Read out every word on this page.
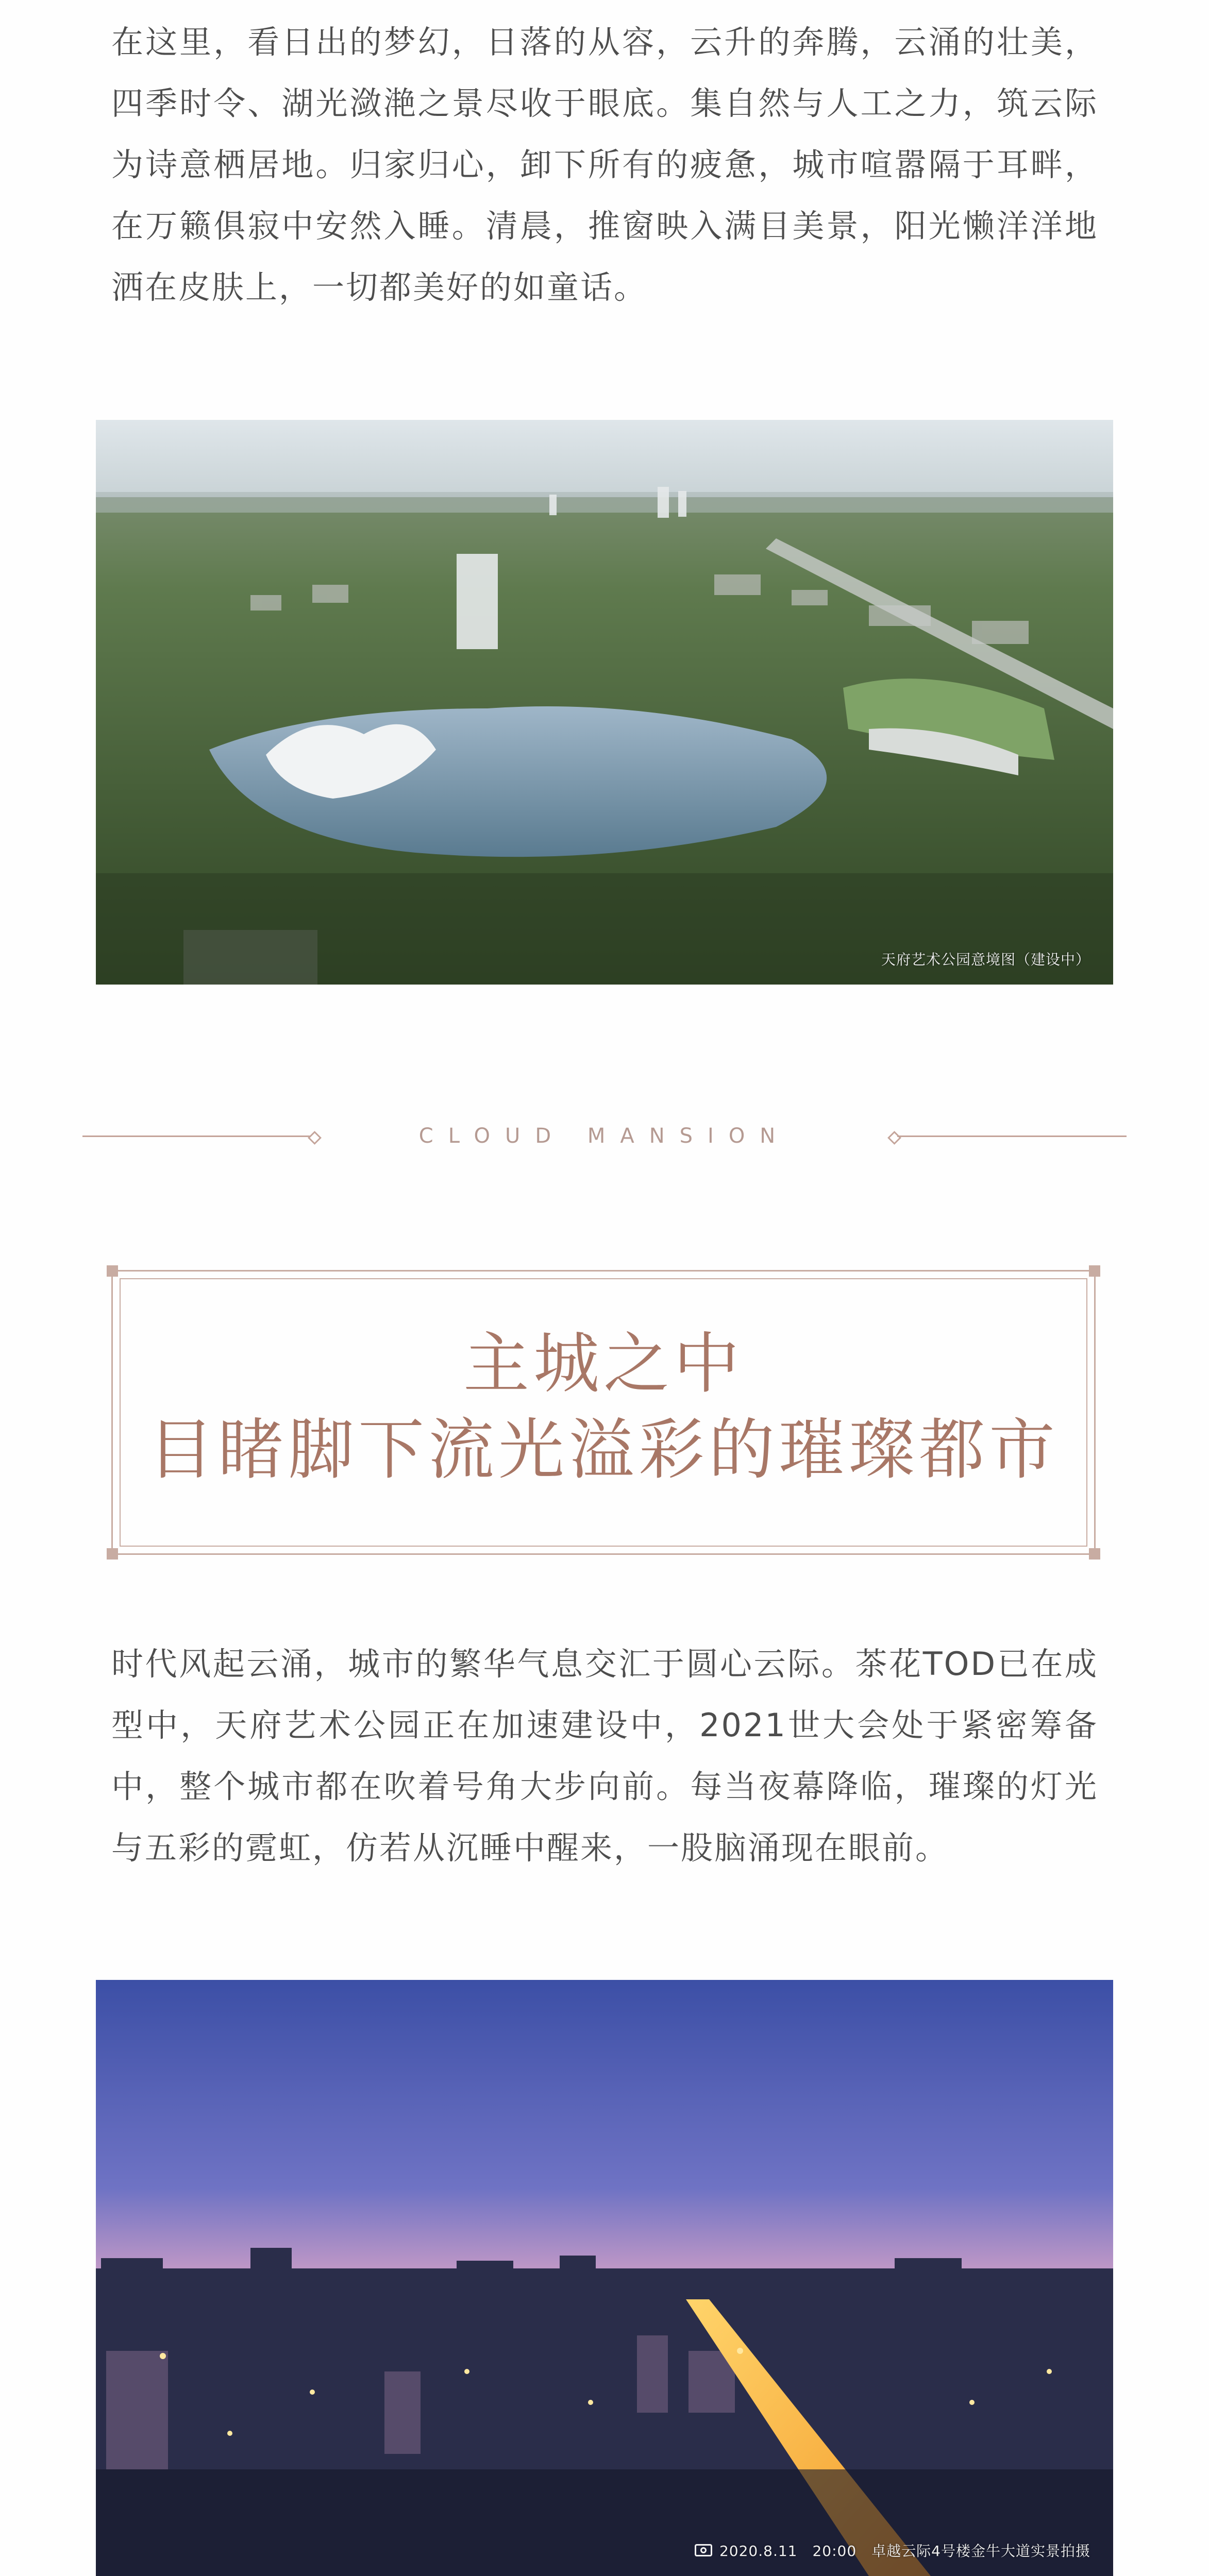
在这里，看日出的梦幻，日落的从容，云升的奔腾，云涌的壮美，四季时令、湖光潋滟之景尽收于眼底。集自然与人工之力，筑云际为诗意栖居地。归家归心，卸下所有的疲惫，城市喧嚣隔于耳畔，在万籁俱寂中安然入睡。清晨，推窗映入满目美景，阳光懒洋洋地洒在皮肤上，一切都美好的如童话。

天府艺术公园意境图（建设中）
CLOUD MANSION
主城之中
目睹脚下流光溢彩的璀璨都市

时代风起云涌，城市的繁华气息交汇于圆心云际。茶花TOD已在成型中，天府艺术公园正在加速建设中，2021世大会处于紧密筹备中，整个城市都在吹着号角大步向前。每当夜幕降临，璀璨的灯光与五彩的霓虹，仿若从沉睡中醒来，一股脑涌现在眼前。

2020.8.11　20:00　卓越云际4号楼金牛大道实景拍摄
